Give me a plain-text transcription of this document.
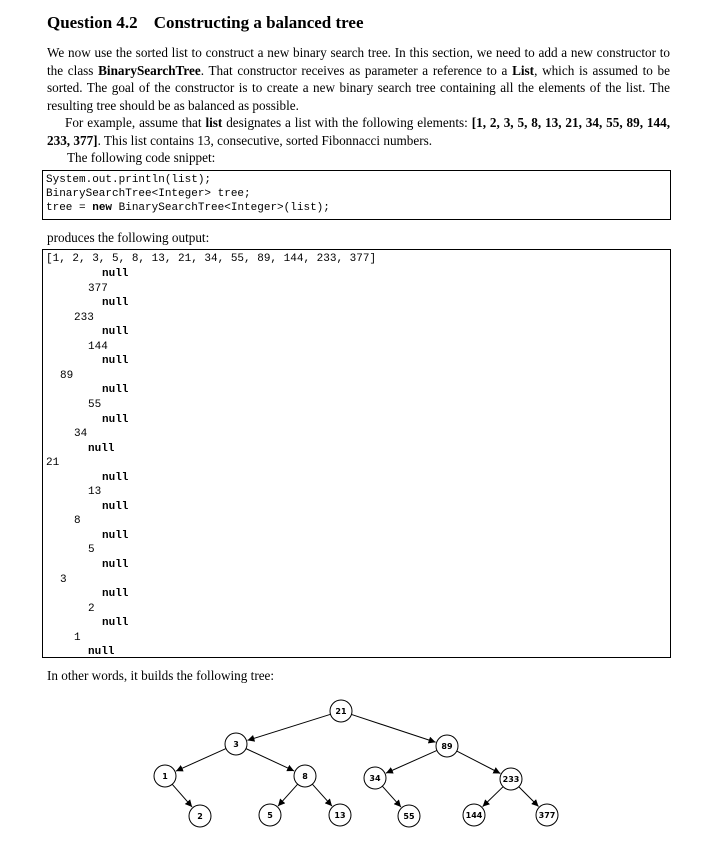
Question 4.2 Constructing a balanced tree

We now use the sorted list to construct a new binary search tree. In this section, we need to add a new constructor to the class BinarySearchTree. That constructor receives as parameter a reference to a List, which is assumed to be sorted. The goal of the constructor is to create a new binary search tree containing all the elements of the list. The resulting tree should be as balanced as possible.

For example, assume that list designates a list with the following elements: [1, 2, 3, 5, 8, 13, 21, 34, 55, 89, 144, 233, 377]. This list contains 13, consecutive, sorted Fibonnacci numbers.

The following code snippet:

System.out.println(list);
BinarySearchTree<Integer> tree;
tree = new BinarySearchTree<Integer>(list);

produces the following output:

[1, 2, 3, 5, 8, 13, 21, 34, 55, 89, 144, 233, 377]
null
377
null
233
null
144
null
89
null
55
null
34
null
21
null
13
null
8
null
5
null
3
null
2
null
1
null

In other words, it builds the following tree:

21
3	89
1	8	34	233
2	5	13	55	144	377
